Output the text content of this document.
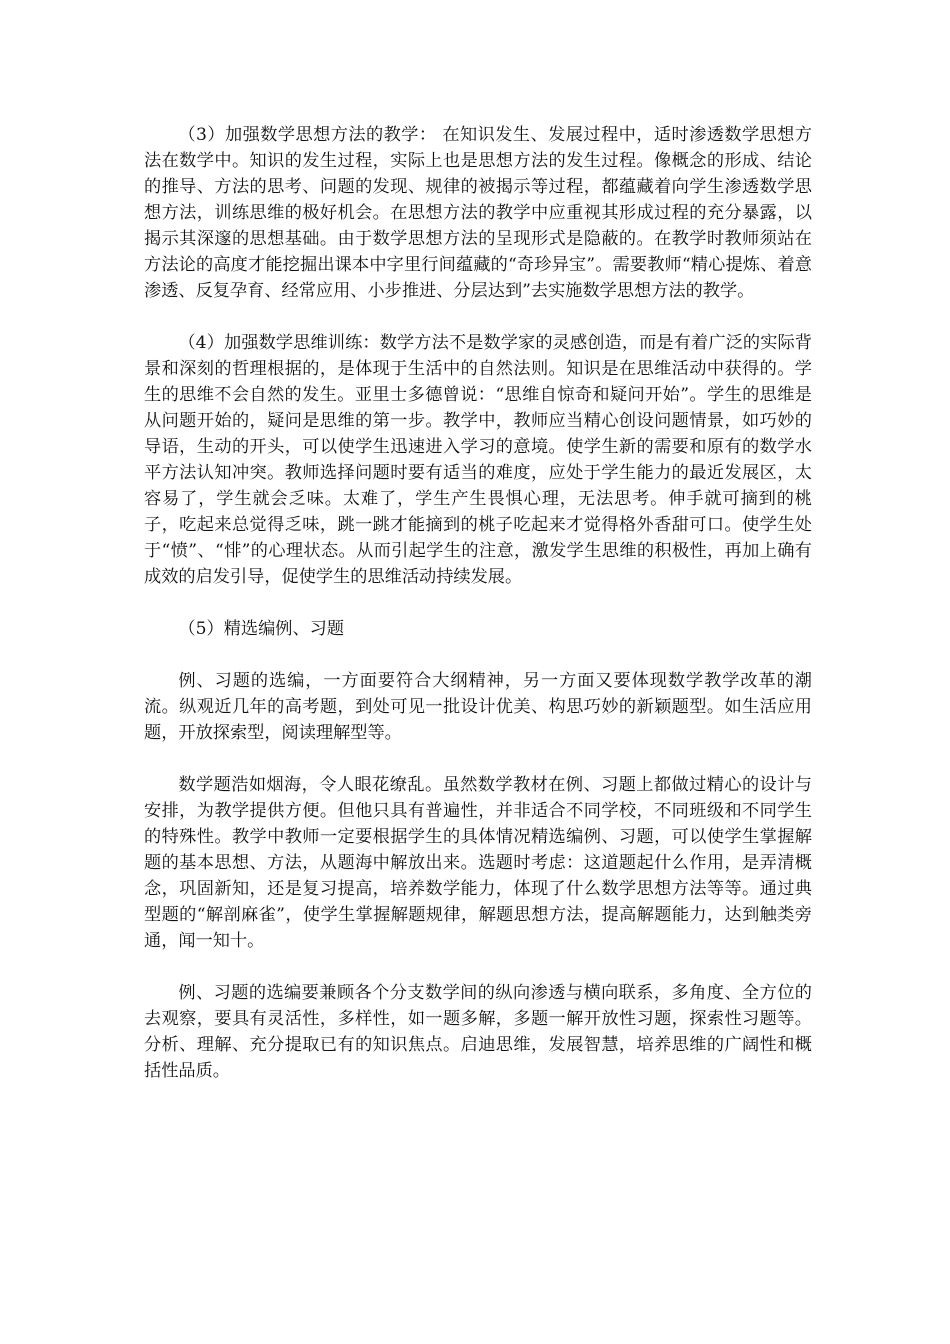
（3）加强数学思想方法的教学： 在知识发生、发展过程中，适时渗透数学思想方法在数学中。知识的发生过程，实际上也是思想方法的发生过程。像概念的形成、结论的推导、方法的思考、问题的发现、规律的被揭示等过程，都蕴藏着向学生渗透数学思想方法，训练思维的极好机会。在思想方法的教学中应重视其形成过程的充分暴露，以揭示其深邃的思想基础。由于数学思想方法的呈现形式是隐蔽的。在教学时教师须站在方法论的高度才能挖掘出课本中字里行间蕴藏的“奇珍异宝”。需要教师“精心提炼、着意渗透、反复孕育、经常应用、小步推进、分层达到”去实施数学思想方法的教学。

（4）加强数学思维训练：数学方法不是数学家的灵感创造，而是有着广泛的实际背景和深刻的哲理根据的，是体现于生活中的自然法则。知识是在思维活动中获得的。学生的思维不会自然的发生。亚里士多德曾说：“思维自惊奇和疑问开始”。学生的思维是从问题开始的，疑问是思维的第一步。教学中，教师应当精心创设问题情景，如巧妙的导语，生动的开头，可以使学生迅速进入学习的意境。使学生新的需要和原有的数学水平方法认知冲突。教师选择问题时要有适当的难度，应处于学生能力的最近发展区，太容易了，学生就会乏味。太难了，学生产生畏惧心理，无法思考。伸手就可摘到的桃子，吃起来总觉得乏味，跳一跳才能摘到的桃子吃起来才觉得格外香甜可口。使学生处于“愤”、“悱”的心理状态。从而引起学生的注意，激发学生思维的积极性，再加上确有成效的启发引导，促使学生的思维活动持续发展。

（5）精选编例、习题

例、习题的选编，一方面要符合大纲精神，另一方面又要体现数学教学改革的潮流。纵观近几年的高考题，到处可见一批设计优美、构思巧妙的新颖题型。如生活应用题，开放探索型，阅读理解型等。

数学题浩如烟海，令人眼花缭乱。虽然数学教材在例、习题上都做过精心的设计与安排，为教学提供方便。但他只具有普遍性，并非适合不同学校，不同班级和不同学生的特殊性。教学中教师一定要根据学生的具体情况精选编例、习题，可以使学生掌握解题的基本思想、方法，从题海中解放出来。选题时考虑：这道题起什么作用，是弄清概念，巩固新知，还是复习提高，培养数学能力，体现了什么数学思想方法等等。通过典型题的“解剖麻雀”，使学生掌握解题规律，解题思想方法，提高解题能力，达到触类旁通，闻一知十。

例、习题的选编要兼顾各个分支数学间的纵向渗透与横向联系，多角度、全方位的去观察，要具有灵活性，多样性，如一题多解，多题一解开放性习题，探索性习题等。分析、理解、充分提取已有的知识焦点。启迪思维，发展智慧，培养思维的广阔性和概括性品质。
